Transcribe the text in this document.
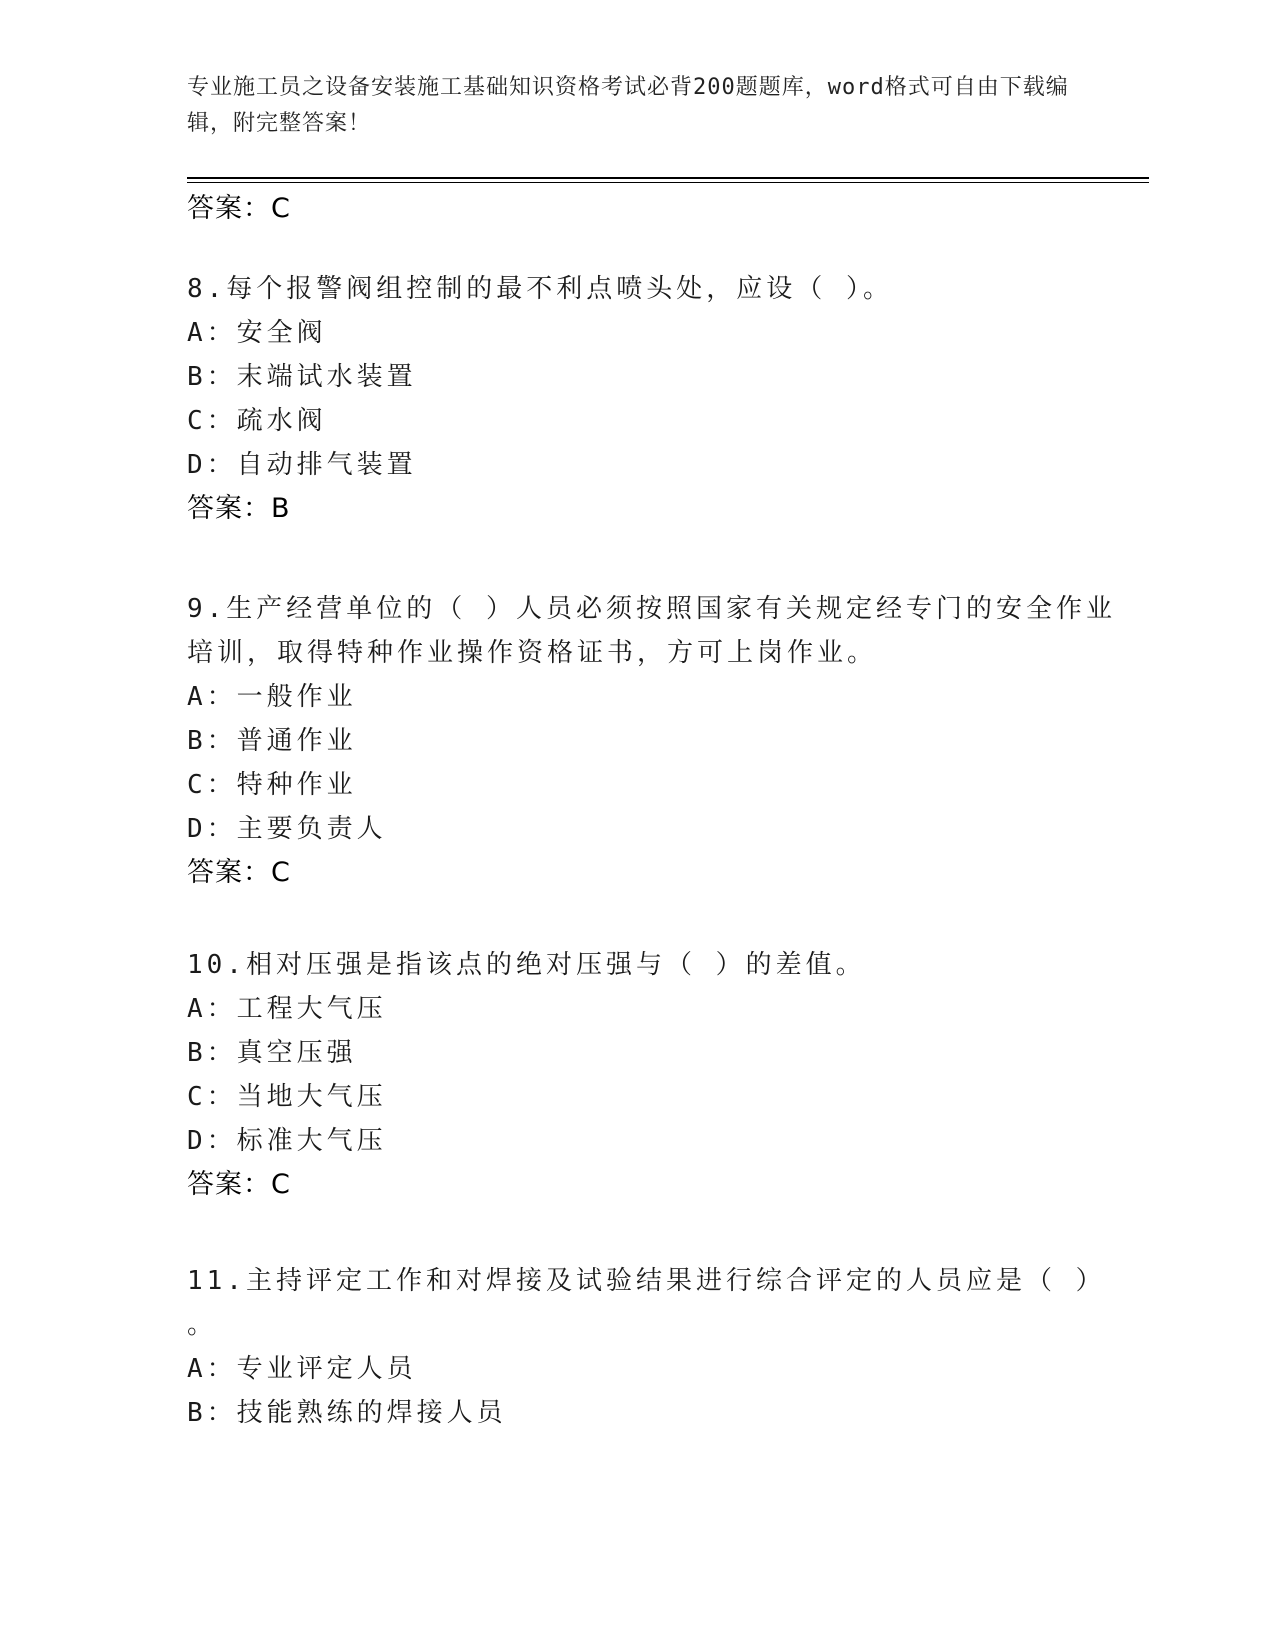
专业施工员之设备安装施工基础知识资格考试必背200题题库，word格式可自由下载编辑，附完整答案！
答案：C
8.每个报警阀组控制的最不利点喷头处，应设（ ）。
A：安全阀
B：末端试水装置
C：疏水阀
D：自动排气装置
答案：B
9.生产经营单位的（ ）人员必须按照国家有关规定经专门的安全作业
培训，取得特种作业操作资格证书，方可上岗作业。
A：一般作业
B：普通作业
C：特种作业
D：主要负责人
答案：C
10.相对压强是指该点的绝对压强与（ ）的差值。
A：工程大气压
B：真空压强
C：当地大气压
D：标准大气压
答案：C
11.主持评定工作和对焊接及试验结果进行综合评定的人员应是（ ）
。
A：专业评定人员
B：技能熟练的焊接人员
